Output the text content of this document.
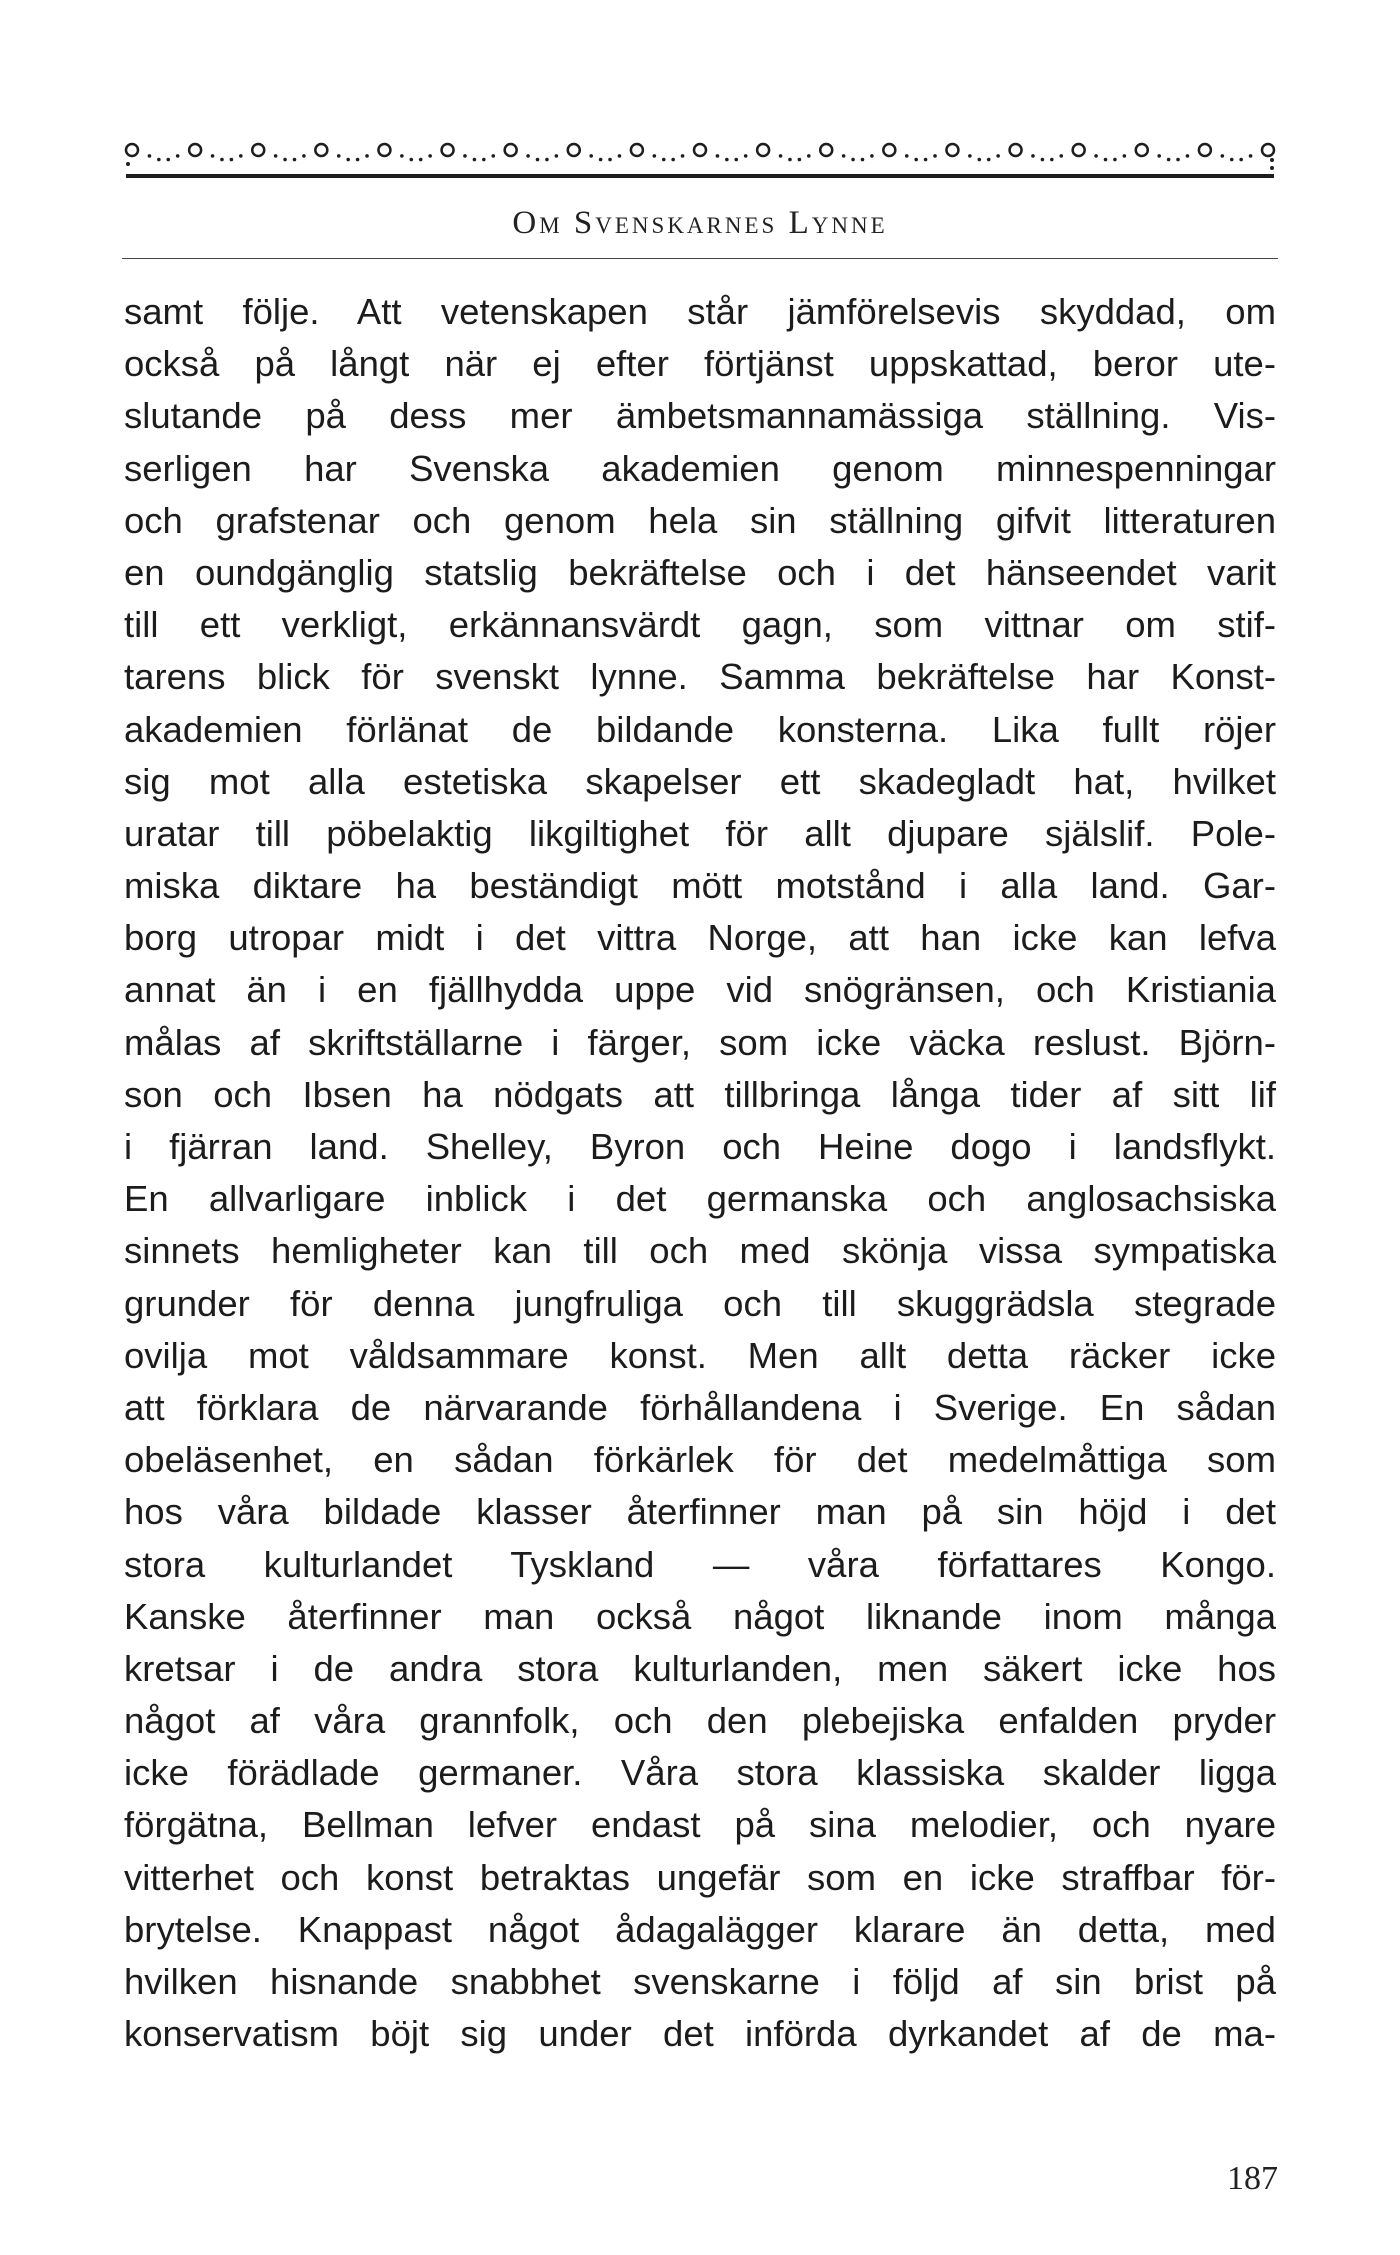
Om Svenskarnes Lynne
samt följe. Att vetenskapen står jämförelsevis skyddad, om
också på långt när ej efter förtjänst uppskattad, beror ute-
slutande på dess mer ämbetsmannamässiga ställning. Vis-
serligen har Svenska akademien genom minnespenningar
och grafstenar och genom hela sin ställning gifvit litteraturen
en oundgänglig statslig bekräftelse och i det hänseendet varit
till ett verkligt, erkännansvärdt gagn, som vittnar om stif-
tarens blick för svenskt lynne. Samma bekräftelse har Konst-
akademien förlänat de bildande konsterna. Lika fullt röjer
sig mot alla estetiska skapelser ett skadegladt hat, hvilket
uratar till pöbelaktig likgiltighet för allt djupare själslif. Pole-
miska diktare ha beständigt mött motstånd i alla land. Gar-
borg utropar midt i det vittra Norge, att han icke kan lefva
annat än i en fjällhydda uppe vid snögränsen, och Kristiania
målas af skriftställarne i färger, som icke väcka reslust. Björn-
son och Ibsen ha nödgats att tillbringa långa tider af sitt lif
i fjärran land. Shelley, Byron och Heine dogo i landsflykt.
En allvarligare inblick i det germanska och anglosachsiska
sinnets hemligheter kan till och med skönja vissa sympatiska
grunder för denna jungfruliga och till skuggrädsla stegrade
ovilja mot våldsammare konst. Men allt detta räcker icke
att förklara de närvarande förhållandena i Sverige. En sådan
obeläsenhet, en sådan förkärlek för det medelmåttiga som
hos våra bildade klasser återfinner man på sin höjd i det
stora kulturlandet Tyskland — våra författares Kongo.
Kanske återfinner man också något liknande inom många
kretsar i de andra stora kulturlanden, men säkert icke hos
något af våra grannfolk, och den plebejiska enfalden pryder
icke förädlade germaner. Våra stora klassiska skalder ligga
förgätna, Bellman lefver endast på sina melodier, och nyare
vitterhet och konst betraktas ungefär som en icke straffbar för-
brytelse. Knappast något ådagalägger klarare än detta, med
hvilken hisnande snabbhet svenskarne i följd af sin brist på
konservatism böjt sig under det införda dyrkandet af de ma-
187
